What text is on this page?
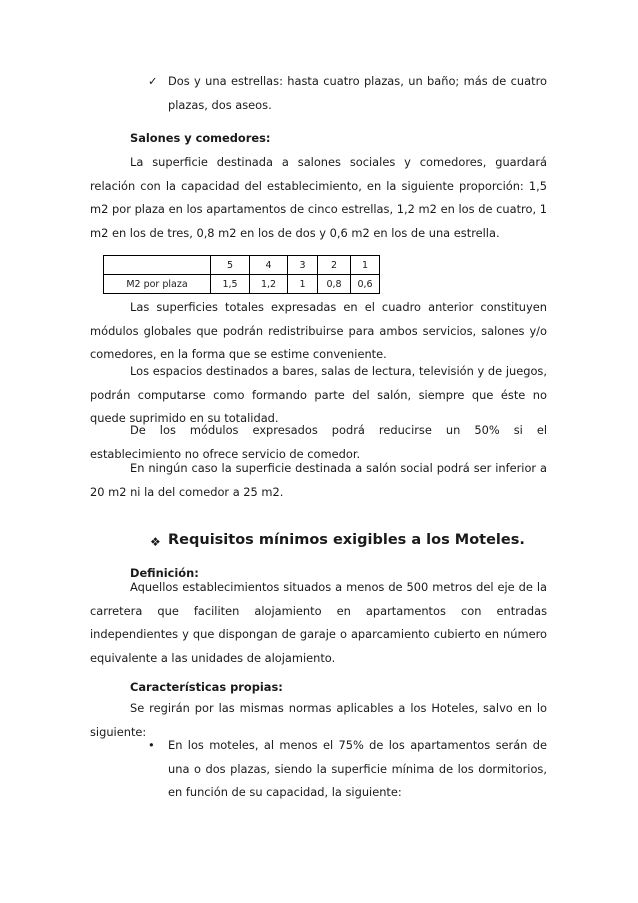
✓ Dos y una estrellas: hasta cuatro plazas, un baño; más de cuatro plazas, dos aseos.

Salones y comedores:

La superficie destinada a salones sociales y comedores, guardará relación con la capacidad del establecimiento, en la siguiente proporción: 1,5 m2 por plaza en los apartamentos de cinco estrellas, 1,2 m2 en los de cuatro, 1 m2 en los de tres, 0,8 m2 en los de dos y 0,6 m2 en los de una estrella.

	5	4	3	2	1
M2 por plaza	1,5	1,2	1	0,8	0,6

Las superficies totales expresadas en el cuadro anterior constituyen módulos globales que podrán redistribuirse para ambos servicios, salones y/o comedores, en la forma que se estime conveniente.

Los espacios destinados a bares, salas de lectura, televisión y de juegos, podrán computarse como formando parte del salón, siempre que éste no quede suprimido en su totalidad.

De los módulos expresados podrá reducirse un 50% si el establecimiento no ofrece servicio de comedor.

En ningún caso la superficie destinada a salón social podrá ser inferior a 20 m2 ni la del comedor a 25 m2.

❖ Requisitos mínimos exigibles a los Moteles.

Definición:

Aquellos establecimientos situados a menos de 500 metros del eje de la carretera que faciliten alojamiento en apartamentos con entradas independientes y que dispongan de garaje o aparcamiento cubierto en número equivalente a las unidades de alojamiento.

Características propias:

Se regirán por las mismas normas aplicables a los Hoteles, salvo en lo siguiente:

• En los moteles, al menos el 75% de los apartamentos serán de una o dos plazas, siendo la superficie mínima de los dormitorios, en función de su capacidad, la siguiente:
